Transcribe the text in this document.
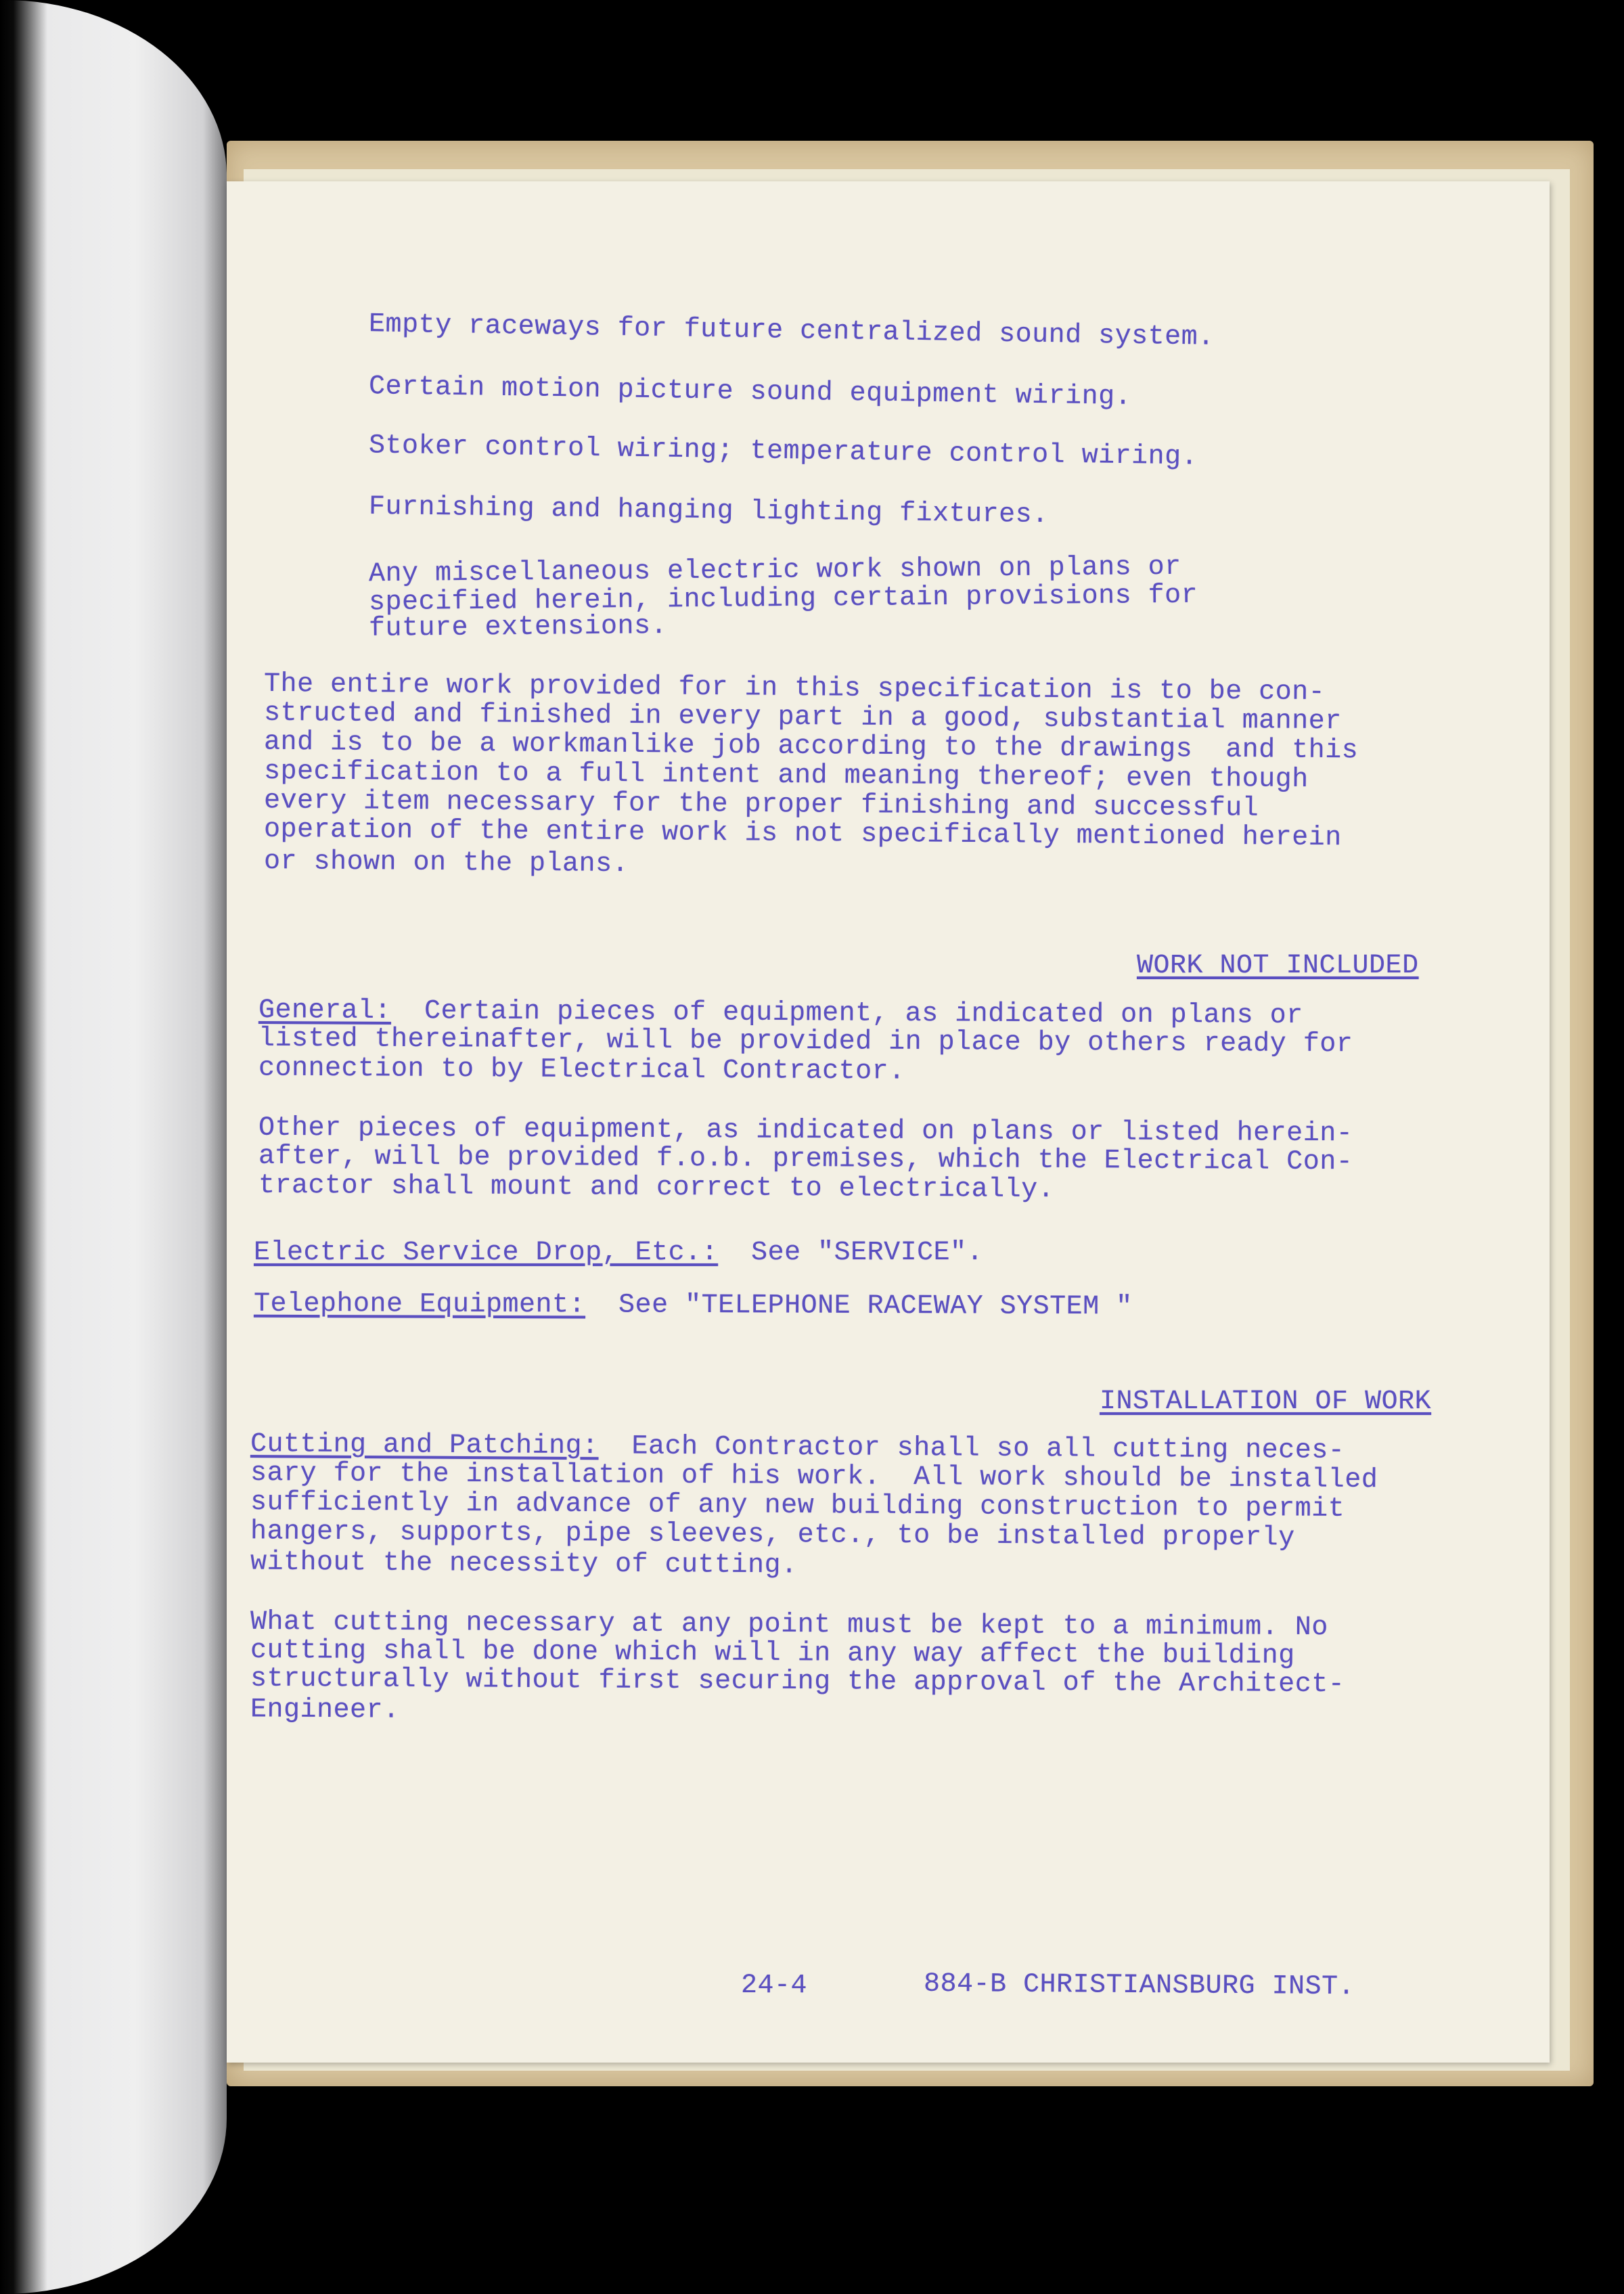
Empty raceways for future centralized sound system.
Certain motion picture sound equipment wiring.
Stoker control wiring; temperature control wiring.
Furnishing and hanging lighting fixtures.
Any miscellaneous electric work shown on plans or
specified herein, including certain provisions for
future extensions.
The entire work provided for in this specification is to be con-
structed and finished in every part in a good, substantial manner
and is to be a workmanlike job according to the drawings  and this
specification to a full intent and meaning thereof; even though
every item necessary for the proper finishing and successful
operation of the entire work is not specifically mentioned herein
or shown on the plans.
WORK NOT INCLUDED
General:  Certain pieces of equipment, as indicated on plans or
listed thereinafter, will be provided in place by others ready for
connection to by Electrical Contractor.
Other pieces of equipment, as indicated on plans or listed herein-
after, will be provided f.o.b. premises, which the Electrical Con-
tractor shall mount and correct to electrically.
Electric Service Drop, Etc.:  See "SERVICE".
Telephone Equipment:  See "TELEPHONE RACEWAY SYSTEM "
INSTALLATION OF WORK
Cutting and Patching:  Each Contractor shall so all cutting neces-
sary for the installation of his work.  All work should be installed
sufficiently in advance of any new building construction to permit
hangers, supports, pipe sleeves, etc., to be installed properly
without the necessity of cutting.
What cutting necessary at any point must be kept to a minimum. No
cutting shall be done which will in any way affect the building
structurally without first securing the approval of the Architect-
Engineer.
24-4	884-B CHRISTIANSBURG INST.
